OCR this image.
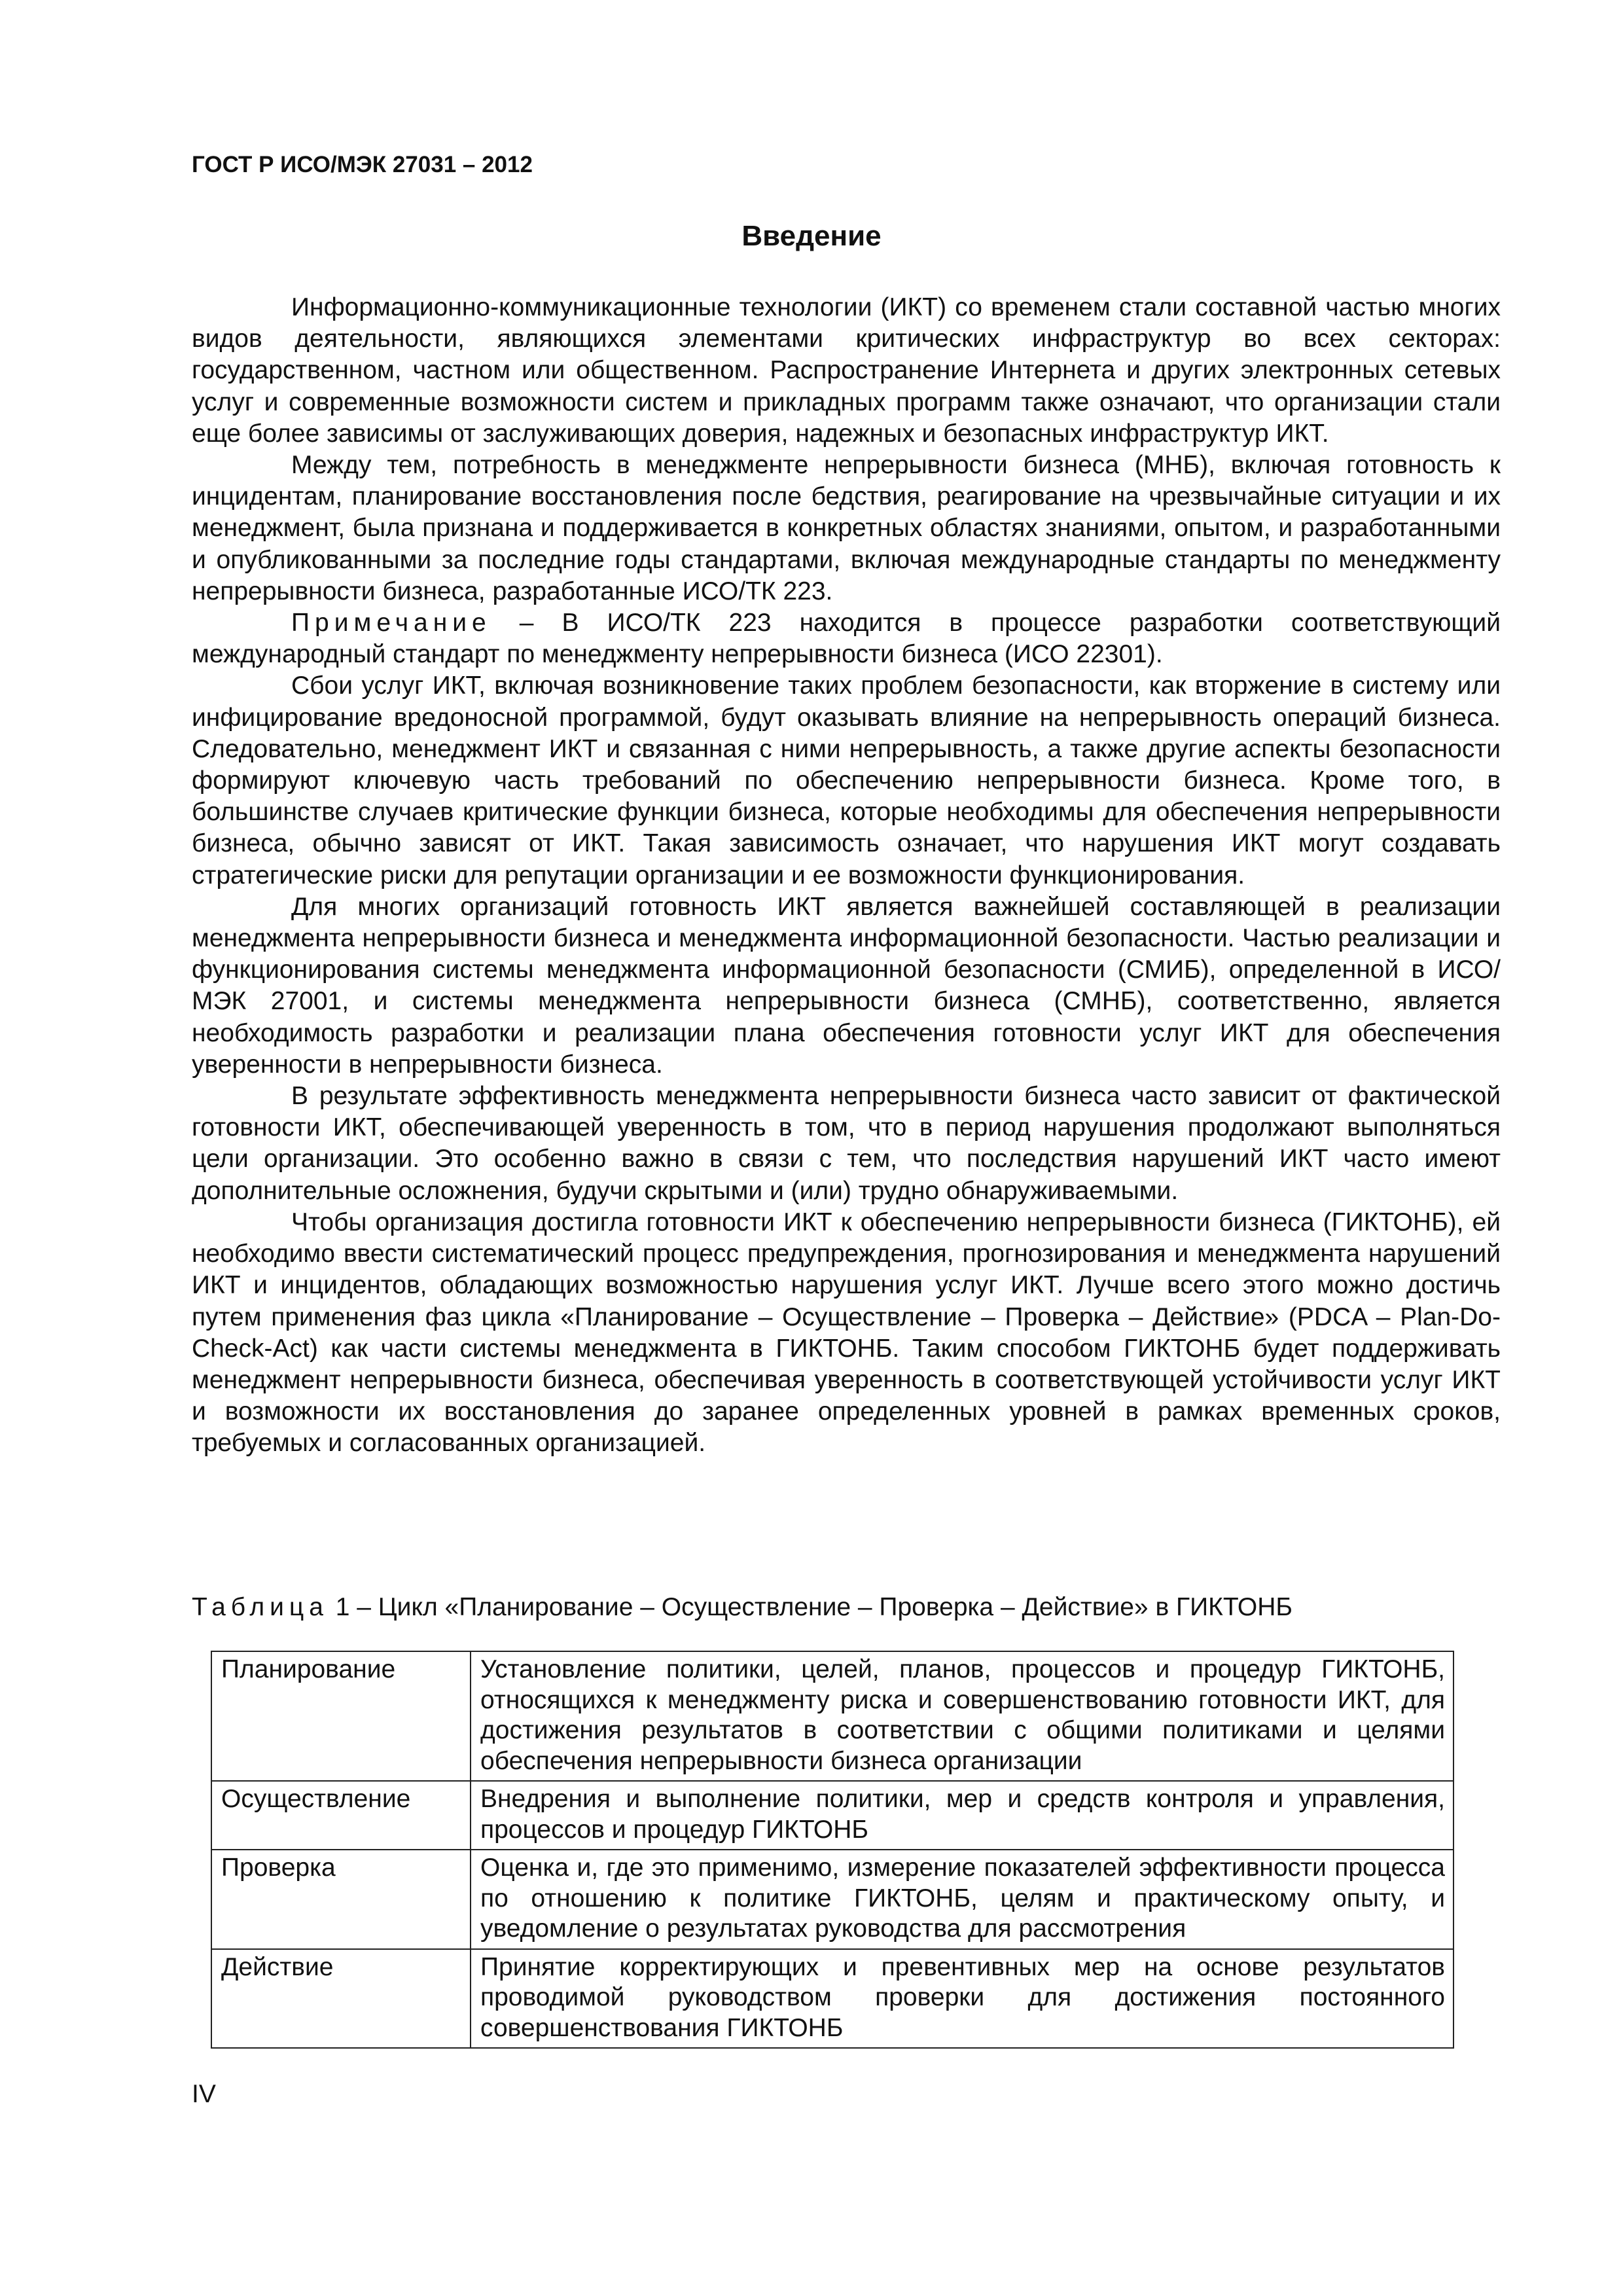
ГОСТ Р ИСО/МЭК 27031 – 2012
Введение

Информационно-коммуникационные технологии (ИКТ) со временем стали составной частью многих видов деятельности, являющихся элементами критических инфраструктур во всех секторах: государственном, частном или общественном. Распространение Интернета и других электронных сетевых услуг и современные возможности систем и прикладных программ также означают, что организации стали еще более зависимы от заслуживающих доверия, надежных и безопасных инфраструктур ИКТ.

Между тем, потребность в менеджменте непрерывности бизнеса (МНБ), включая готовность к инцидентам, планирование восстановления после бедствия, реагирование на чрезвычайные ситуации и их менеджмент, была признана и поддерживается в конкретных областях знаниями, опытом, и разработанными и опубликованными за последние годы стандартами, включая международные стандарты по менеджменту непрерывности бизнеса, разработанные ИСО/ТК 223.

Примечание – В ИСО/ТК 223 находится в процессе разработки соответствующий международный стандарт по менеджменту непрерывности бизнеса (ИСО 22301).

Сбои услуг ИКТ, включая возникновение таких проблем безопасности, как вторжение в систему или инфицирование вредоносной программой, будут оказывать влияние на непрерывность операций бизнеса. Следовательно, менеджмент ИКТ и связанная с ними непрерывность, а также другие аспекты безопасности формируют ключевую часть требований по обеспечению непрерывности бизнеса. Кроме того, в большинстве случаев критические функции бизнеса, которые необходимы для обеспечения непрерывности бизнеса, обычно зависят от ИКТ. Такая зависимость означает, что нарушения ИКТ могут создавать стратегические риски для репутации организации и ее возможности функционирования.

Для многих организаций готовность ИКТ является важнейшей составляющей в реализации менеджмента непрерывности бизнеса и менеджмента информационной безопасности. Частью реализации и функционирования системы менеджмента информационной безопасности (СМИБ), определенной в ИСО/МЭК 27001, и системы менеджмента непрерывности бизнеса (СМНБ), соответственно, является необходимость разработки и реализации плана обеспечения готовности услуг ИКТ для обеспечения уверенности в непрерывности бизнеса.

В результате эффективность менеджмента непрерывности бизнеса часто зависит от фактической готовности ИКТ, обеспечивающей уверенность в том, что в период нарушения продолжают выполняться цели организации. Это особенно важно в связи с тем, что последствия нарушений ИКТ часто имеют дополнительные осложнения, будучи скрытыми и (или) трудно обнаруживаемыми.

Чтобы организация достигла готовности ИКТ к обеспечению непрерывности бизнеса (ГИКТОНБ), ей необходимо ввести систематический процесс предупреждения, прогнозирования и менеджмента нарушений ИКТ и инцидентов, обладающих возможностью нарушения услуг ИКТ. Лучше всего этого можно достичь путем применения фаз цикла «Планирование – Осуществление – Проверка – Действие» (PDCA – Plan-Do-Check-Act) как части системы менеджмента в ГИКТОНБ. Таким способом ГИКТОНБ будет поддерживать менеджмент непрерывности бизнеса, обеспечивая уверенность в соответствующей устойчивости услуг ИКТ и возможности их восстановления до заранее определенных уровней в рамках временных сроков, требуемых и согласованных организацией.

Таблица 1 – Цикл «Планирование – Осуществление – Проверка – Действие» в ГИКТОНБ
Планирование	Установление политики, целей, планов, процессов и процедур ГИКТОНБ, относящихся к менеджменту риска и совершенствованию готовности ИКТ, для достижения результатов в соответствии с общими политиками и целями обеспечения непрерывности бизнеса организации
Осуществление	Внедрения и выполнение политики, мер и средств контроля и управления, процессов и процедур ГИКТОНБ
Проверка	Оценка и, где это применимо, измерение показателей эффективности процесса по отношению к политике ГИКТОНБ, целям и практическому опыту, и уведомление о результатах руководства для рассмотрения
Действие	Принятие корректирующих и превентивных мер на основе результатов проводимой руководством проверки для достижения постоянного совершенствования ГИКТОНБ
IV
